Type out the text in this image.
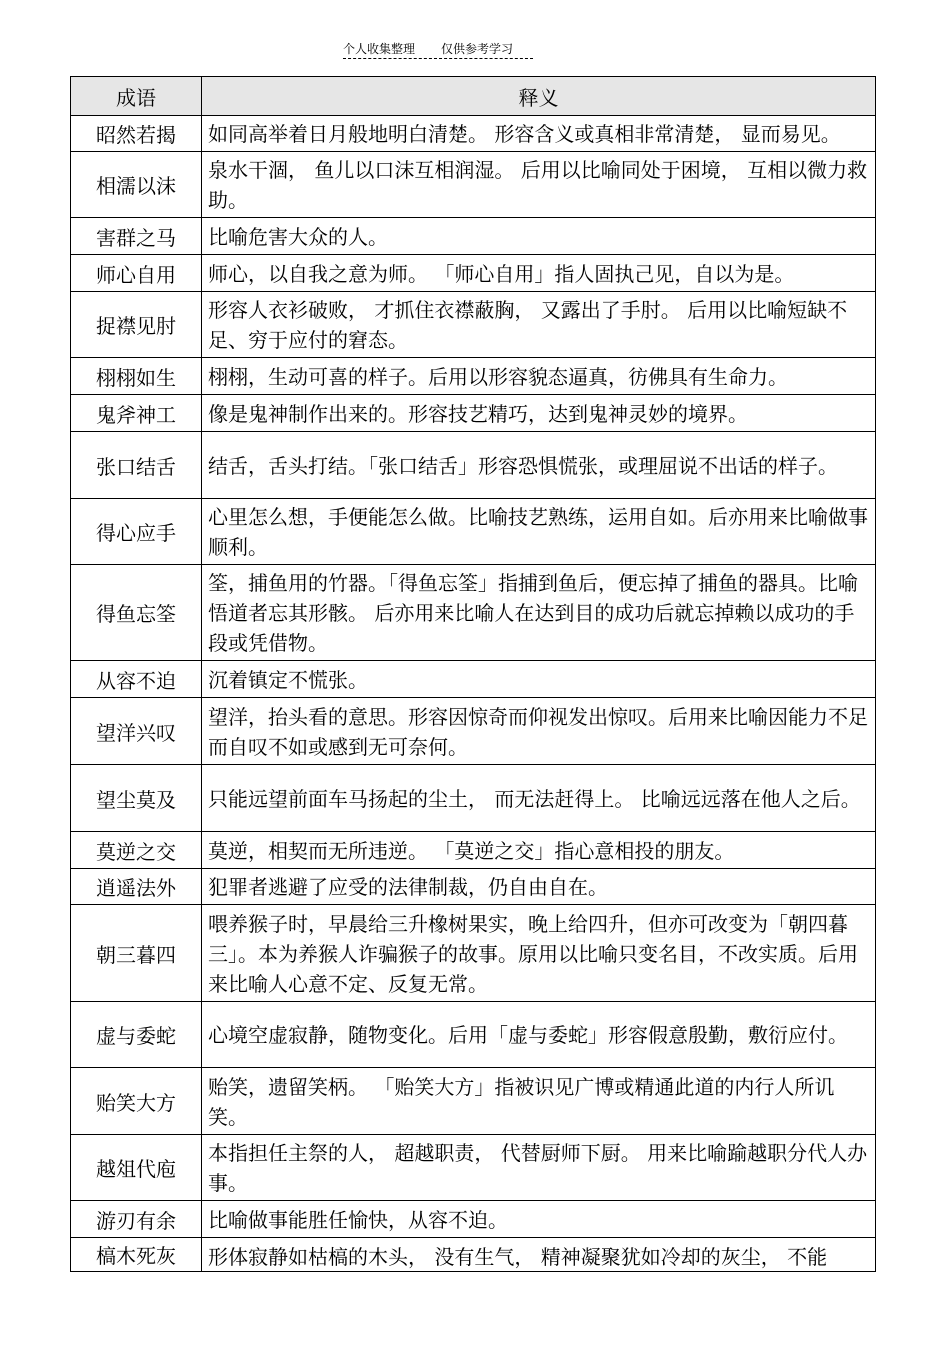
个人收集整理 仅供参考学习
成语	释义
昭然若揭	如同高举着日月般地明白清楚。 形容含义或真相非常清楚， 显而易见。
相濡以沫	泉水干涸， 鱼儿以口沫互相润湿。 后用以比喻同处于困境， 互相以微力救助。
害群之马	比喻危害大众的人。
师心自用	师心，以自我之意为师。 「师心自用」指人固执己见，自以为是。
捉襟见肘	形容人衣衫破败， 才抓住衣襟蔽胸， 又露出了手肘。 后用以比喻短缺不足、穷于应付的窘态。
栩栩如生	栩栩，生动可喜的样子。后用以形容貌态逼真，彷佛具有生命力。
鬼斧神工	像是鬼神制作出来的。形容技艺精巧，达到鬼神灵妙的境界。
张口结舌	结舌，舌头打结。「张口结舌」形容恐惧慌张，或理屈说不出话的样子。
得心应手	心里怎么想，手便能怎么做。比喻技艺熟练，运用自如。后亦用来比喻做事顺利。
得鱼忘筌	筌，捕鱼用的竹器。「得鱼忘筌」指捕到鱼后，便忘掉了捕鱼的器具。比喻悟道者忘其形骸。 后亦用来比喻人在达到目的成功后就忘掉赖以成功的手段或凭借物。
从容不迫	沉着镇定不慌张。
望洋兴叹	望洋，抬头看的意思。形容因惊奇而仰视发出惊叹。后用来比喻因能力不足而自叹不如或感到无可奈何。
望尘莫及	只能远望前面车马扬起的尘土， 而无法赶得上。 比喻远远落在他人之后。
莫逆之交	莫逆，相契而无所违逆。 「莫逆之交」指心意相投的朋友。
逍遥法外	犯罪者逃避了应受的法律制裁，仍自由自在。
朝三暮四	喂养猴子时，早晨给三升橡树果实，晚上给四升，但亦可改变为「朝四暮三」。本为养猴人诈骗猴子的故事。原用以比喻只变名目，不改实质。后用来比喻人心意不定、反复无常。
虚与委蛇	心境空虚寂静，随物变化。后用「虚与委蛇」形容假意殷勤，敷衍应付。
贻笑大方	贻笑，遗留笑柄。 「贻笑大方」指被识见广博或精通此道的内行人所讥笑。
越俎代庖	本指担任主祭的人， 超越职责， 代替厨师下厨。 用来比喻踰越职分代人办事。
游刃有余	比喻做事能胜任愉快，从容不迫。
槁木死灰	形体寂静如枯槁的木头， 没有生气， 精神凝聚犹如冷却的灰尘， 不能
